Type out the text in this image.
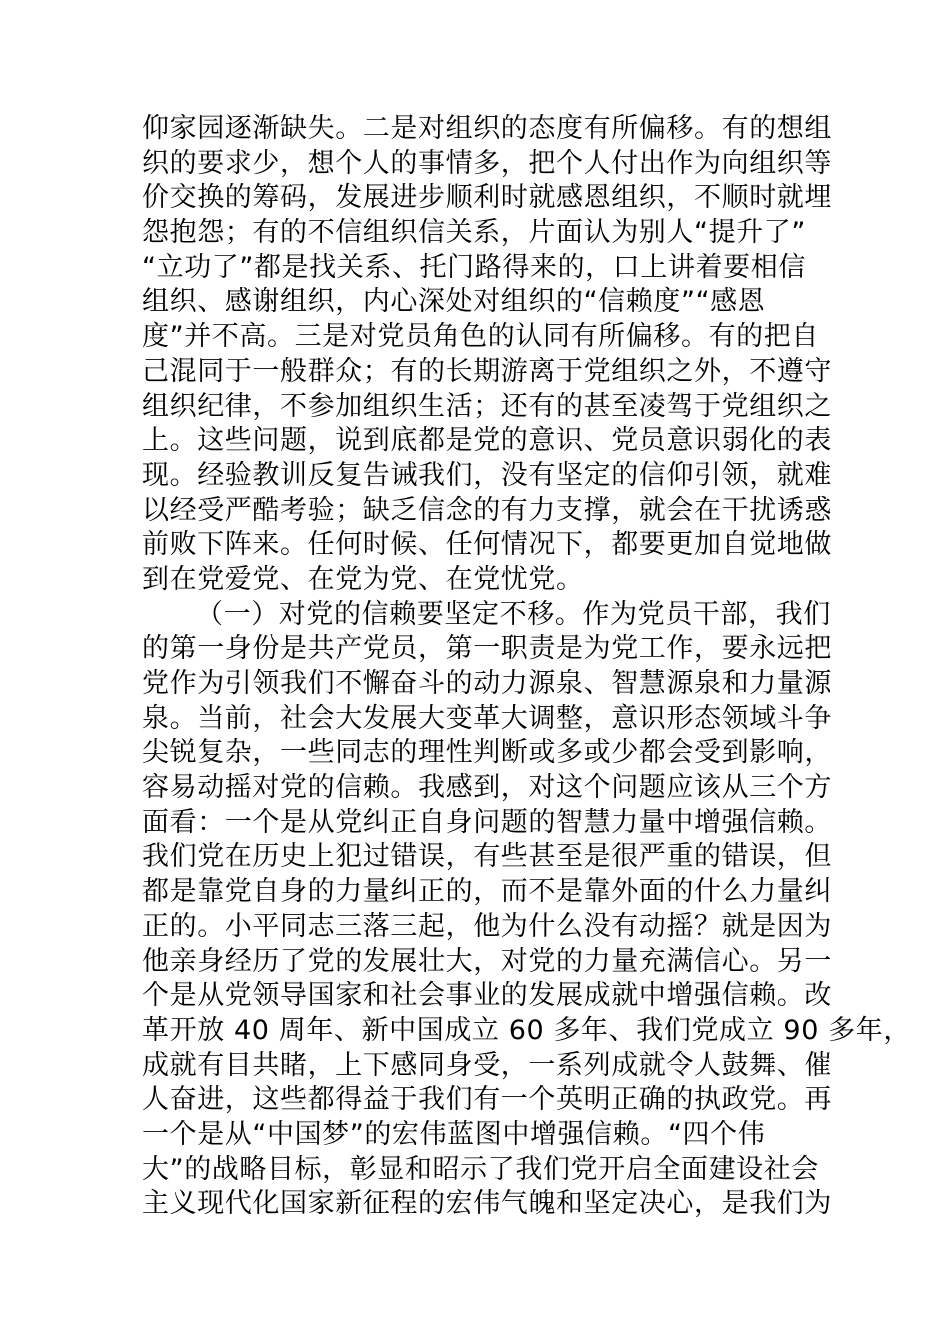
仰家园逐渐缺失。二是对组织的态度有所偏移。有的想组
织的要求少，想个人的事情多，把个人付出作为向组织等
价交换的筹码，发展进步顺利时就感恩组织，不顺时就埋
怨抱怨；有的不信组织信关系，片面认为别人“提升了”
“立功了”都是找关系、托门路得来的，口上讲着要相信
组织、感谢组织，内心深处对组织的“信赖度”“感恩
度”并不高。三是对党员角色的认同有所偏移。有的把自
己混同于一般群众；有的长期游离于党组织之外，不遵守
组织纪律，不参加组织生活；还有的甚至凌驾于党组织之
上。这些问题，说到底都是党的意识、党员意识弱化的表
现。经验教训反复告诫我们，没有坚定的信仰引领，就难
以经受严酷考验；缺乏信念的有力支撑，就会在干扰诱惑
前败下阵来。任何时候、任何情况下，都要更加自觉地做
到在党爱党、在党为党、在党忧党。
（一）对党的信赖要坚定不移。作为党员干部，我们
的第一身份是共产党员，第一职责是为党工作，要永远把
党作为引领我们不懈奋斗的动力源泉、智慧源泉和力量源
泉。当前，社会大发展大变革大调整，意识形态领域斗争
尖锐复杂，一些同志的理性判断或多或少都会受到影响，
容易动摇对党的信赖。我感到，对这个问题应该从三个方
面看：一个是从党纠正自身问题的智慧力量中增强信赖。
我们党在历史上犯过错误，有些甚至是很严重的错误，但
都是靠党自身的力量纠正的，而不是靠外面的什么力量纠
正的。小平同志三落三起，他为什么没有动摇？就是因为
他亲身经历了党的发展壮大，对党的力量充满信心。另一
个是从党领导国家和社会事业的发展成就中增强信赖。改
革开放 40 周年、新中国成立 60 多年、我们党成立 90 多年，
成就有目共睹，上下感同身受，一系列成就令人鼓舞、催
人奋进，这些都得益于我们有一个英明正确的执政党。再
一个是从“中国梦”的宏伟蓝图中增强信赖。“四个伟
大”的战略目标，彰显和昭示了我们党开启全面建设社会
主义现代化国家新征程的宏伟气魄和坚定决心，是我们为
